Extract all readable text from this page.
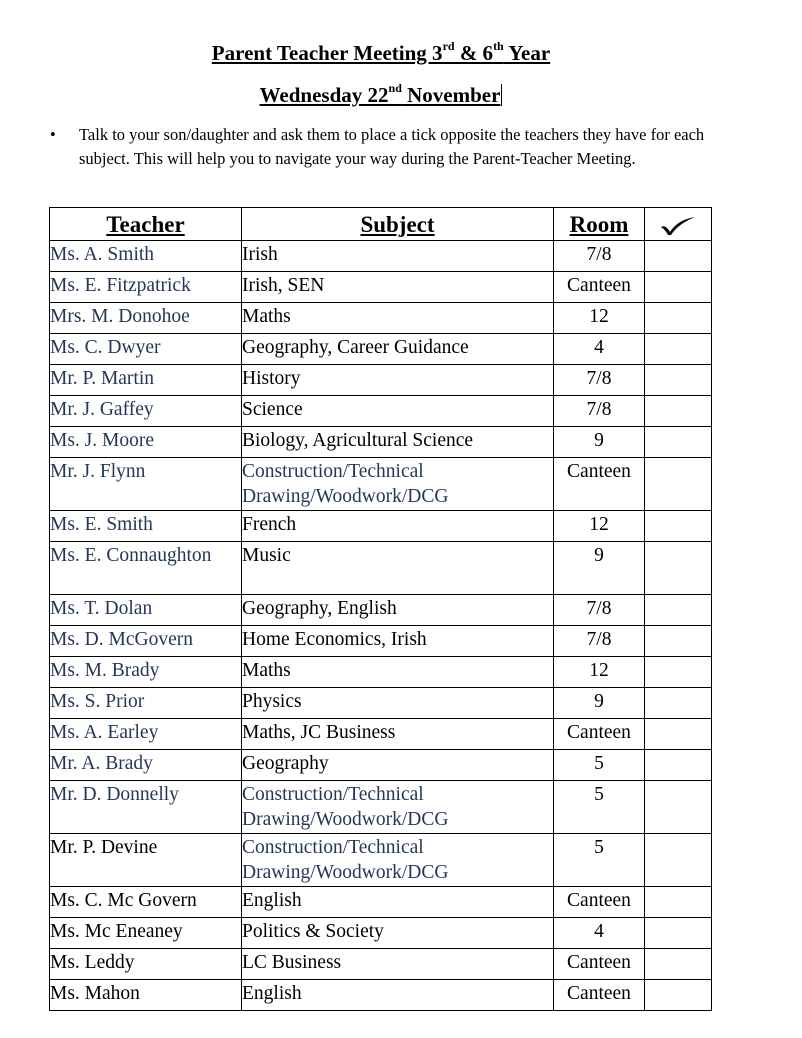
Parent Teacher Meeting 3rd & 6th Year
Wednesday 22nd November
• Talk to your son/daughter and ask them to place a tick opposite the teachers they have for each subject. This will help you to navigate your way during the Parent-Teacher Meeting.
Teacher	Subject	Room	
Ms. A. Smith	Irish	7/8	
Ms. E. Fitzpatrick	Irish, SEN	Canteen	
Mrs. M. Donohoe	Maths	12	
Ms. C. Dwyer	Geography, Career Guidance	4	
Mr. P. Martin	History	7/8	
Mr. J. Gaffey	Science	7/8	
Ms. J. Moore	Biology, Agricultural Science	9	
Mr. J. Flynn	Construction/Technical Drawing/Woodwork/DCG	Canteen	
Ms. E. Smith	French	12	
Ms. E. Connaughton	Music	9	
Ms. T. Dolan	Geography, English	7/8	
Ms. D. McGovern	Home Economics, Irish	7/8	
Ms. M. Brady	Maths	12	
Ms. S. Prior	Physics	9	
Ms. A. Earley	Maths, JC Business	Canteen	
Mr. A. Brady	Geography	5	
Mr. D. Donnelly	Construction/Technical Drawing/Woodwork/DCG	5	
Mr. P. Devine	Construction/Technical Drawing/Woodwork/DCG	5	
Ms. C. Mc Govern	English	Canteen	
Ms. Mc Eneaney	Politics & Society	4	
Ms. Leddy	LC Business	Canteen	
Ms. Mahon	English	Canteen	
